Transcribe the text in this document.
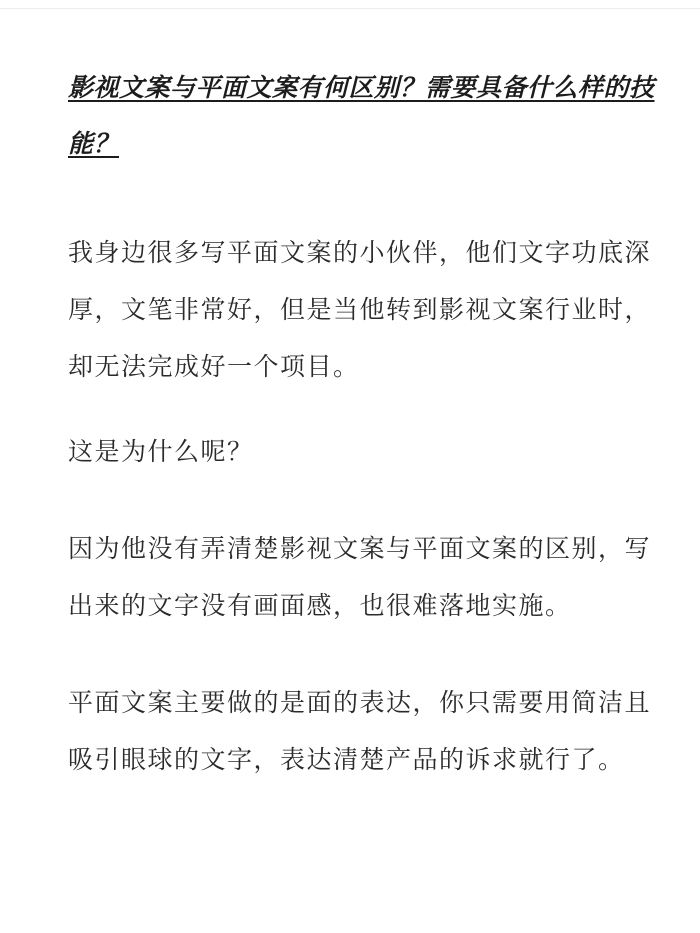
影视文案与平面文案有何区别？需要具备什么样的技能？

我身边很多写平面文案的小伙伴，他们文字功底深厚，文笔非常好，但是当他转到影视文案行业时，却无法完成好一个项目。

这是为什么呢？

因为他没有弄清楚影视文案与平面文案的区别，写出来的文字没有画面感，也很难落地实施。

平面文案主要做的是面的表达，你只需要用简洁且吸引眼球的文字，表达清楚产品的诉求就行了。
